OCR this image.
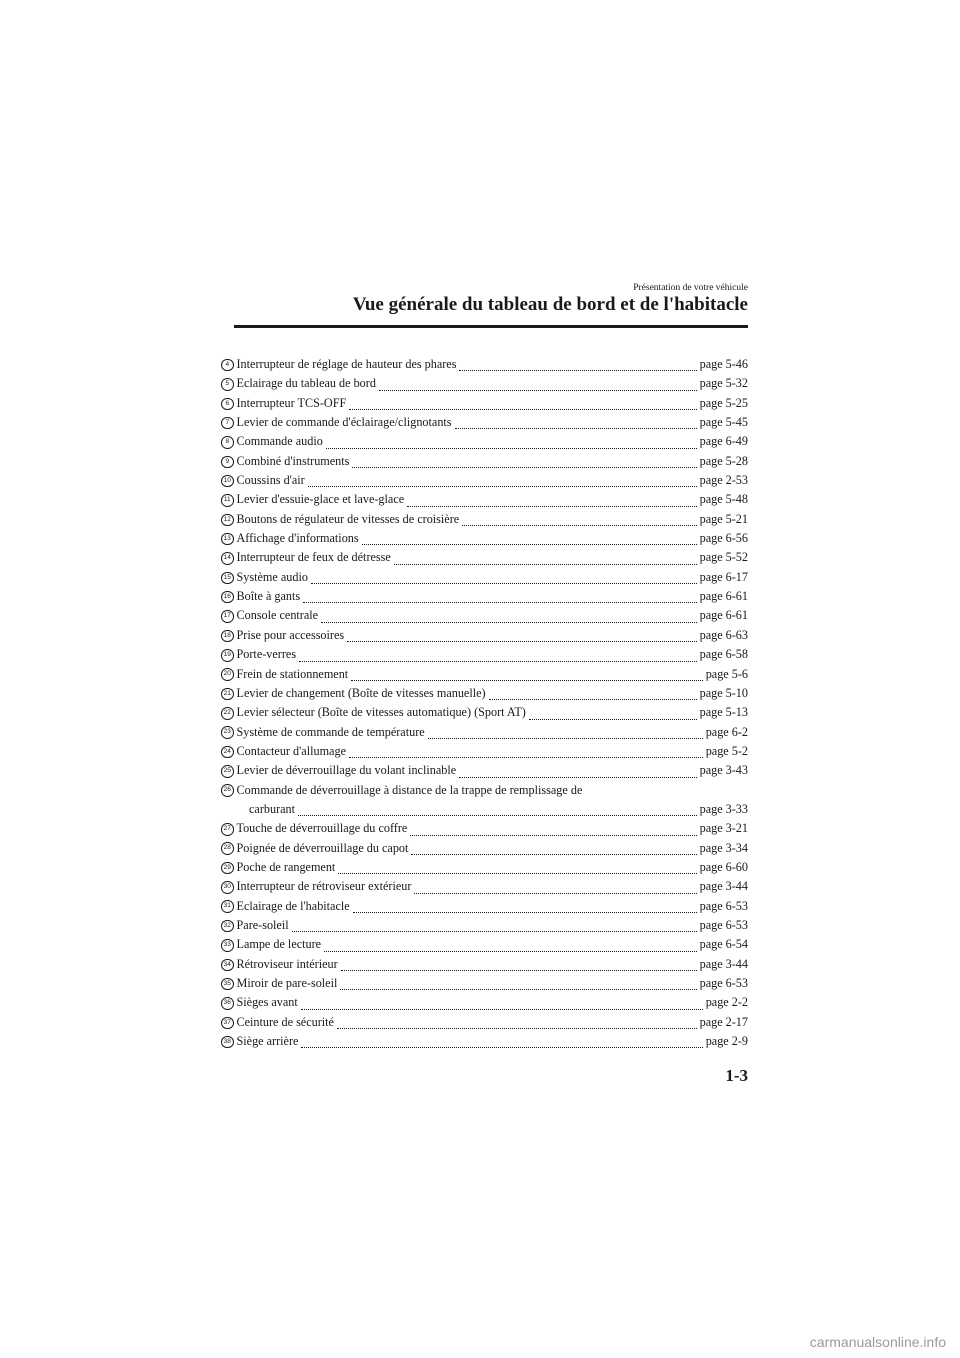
Présentation de votre véhicule
Vue générale du tableau de bord et de l'habitacle
4 Interrupteur de réglage de hauteur des phares	page 5-46
5 Eclairage du tableau de bord	page 5-32
6 Interrupteur TCS-OFF	page 5-25
7 Levier de commande d'éclairage/clignotants	page 5-45
8 Commande audio	page 6-49
9 Combiné d'instruments	page 5-28
10 Coussins d'air	page 2-53
11 Levier d'essuie-glace et lave-glace	page 5-48
12 Boutons de régulateur de vitesses de croisière	page 5-21
13 Affichage d'informations	page 6-56
14 Interrupteur de feux de détresse	page 5-52
15 Système audio	page 6-17
16 Boîte à gants	page 6-61
17 Console centrale	page 6-61
18 Prise pour accessoires	page 6-63
19 Porte-verres	page 6-58
20 Frein de stationnement	page 5-6
21 Levier de changement (Boîte de vitesses manuelle)	page 5-10
22 Levier sélecteur (Boîte de vitesses automatique) (Sport AT)	page 5-13
23 Système de commande de température	page 6-2
24 Contacteur d'allumage	page 5-2
25 Levier de déverrouillage du volant inclinable	page 3-43
26 Commande de déverrouillage à distance de la trappe de remplissage de
carburant	page 3-33
27 Touche de déverrouillage du coffre	page 3-21
28 Poignée de déverrouillage du capot	page 3-34
29 Poche de rangement	page 6-60
30 Interrupteur de rétroviseur extérieur	page 3-44
31 Eclairage de l'habitacle	page 6-53
32 Pare-soleil	page 6-53
33 Lampe de lecture	page 6-54
34 Rétroviseur intérieur	page 3-44
35 Miroir de pare-soleil	page 6-53
36 Sièges avant	page 2-2
37 Ceinture de sécurité	page 2-17
38 Siège arrière	page 2-9
1-3
carmanualsonline.info
